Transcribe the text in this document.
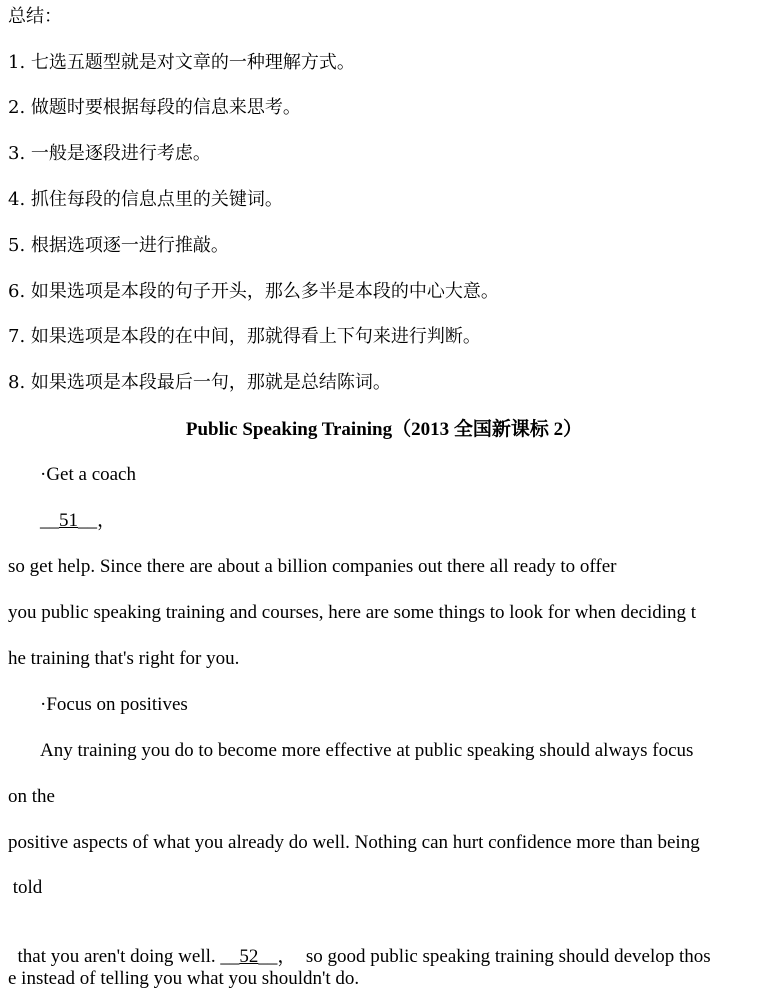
总结：
1. 七选五题型就是对文章的一种理解方式。
2. 做题时要根据每段的信息来思考。
3. 一般是逐段进行考虑。
4. 抓住每段的信息点里的关键词。
5. 根据选项逐一进行推敲。
6. 如果选项是本段的句子开头，那么多半是本段的中心大意。
7. 如果选项是本段的在中间，那就得看上下句来进行判断。
8. 如果选项是本段最后一句，那就是总结陈词。
Public Speaking Training（2013 全国新课标 2）
·Get a coach
__51__，
so get help. Since there are about a billion companies out there all ready to offer
you public speaking training and courses, here are some things to look for when deciding t
he training that's right for you.
·Focus on positives
Any training you do to become more effective at public speaking should always focus
on the
positive aspects of what you already do well. Nothing can hurt confidence more than being
told

that you aren't doing well. __52__，  so good public speaking training should develop thos

e instead of telling you what you shouldn't do.
